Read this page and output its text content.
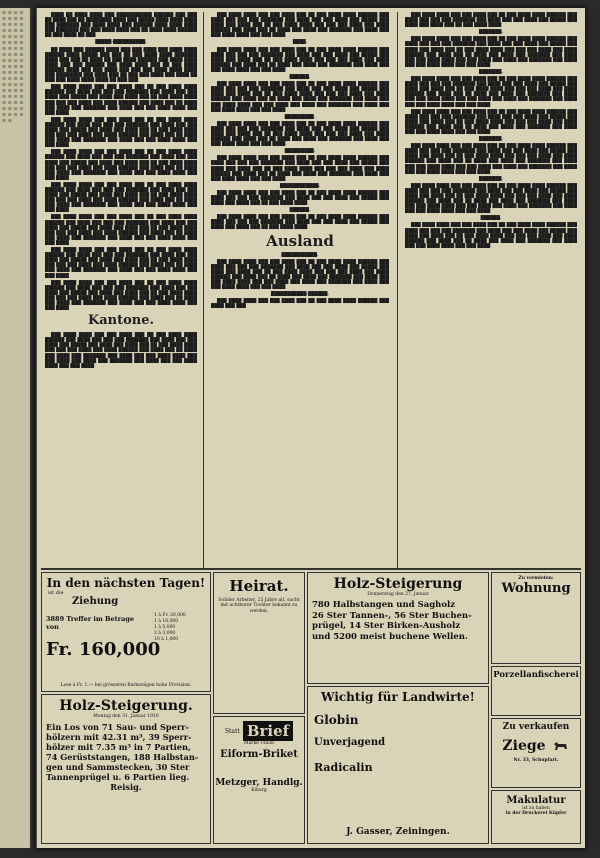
≡ ≡ ≡ ≡ ≡ ≡ ≡ ≡ ≡ ≡ ≡ ≡ ≡ ≡ ≡ ≡ ≡ ≡ ≡ ≡ ≡ ≡ ≡ ≡ ≡ ≡ ≡ ≡ ≡ ≡ ≡ ≡ ≡ ≡ ≡ ≡ ≡ ≡ ≡ ≡ ≡ ≡ ≡ ≡ ≡ ≡ ≡ ≡ ≡ ≡ ≡ ≡ ≡ ≡ ≡ ≡ ≡ ≡ ≡ ≡ ≡ ≡ ≡ ≡ ≡ ≡ ≡ ≡ ≡ ≡ ≡ ≡ ≡ ≡

████ ██ ████ ████ ███ ███████████ ██████ ███ ███ ██ ████ ███ ██ ████████ ████ ███ █████ ████ ████ ████ ███ ███████ ███ ████ ████ ███ ██████ ████ ████ ████ ███ ███████ ███ ███ ████ ████ ███ ██ ████ ████ ██████ ██ ███ ████ ██ ███

█████-██████████.

██ ████ ███ ██████ ████ ███ ███ ████ ███ ████ ████ ██████ ████ █████ ███ ███ ██ ███ ████ ████ ███████ ████ ███ ███ ██ ████ ██ ███ ████ ██████ ███ ████ ████ ████ ███ ███ ██████ ███ ████ ████ ███ ██ ███ ████ ██████ ████ ███ ███ ████ ███ ███ ███ ████ ████ ████ ███ ████████ ███ ████ ███ ██ ███ ███ ████ ███ ████ ██ ███ ███ ████ ████ ████ ██ ███ ███

███ ████ ████ ███ ███ ████ ███ ██ ███ ████ ████ ██████ ███ ████ ███ ███ ███ ███████ ███ ████ ███ ███ ████ ███ █████ ███ ████ ███ ████ ███ ██ ███ ████ ████ ███ ███ ███ ████ ███ ████ ██████ ███ ████ ███ ██ ████ ███ ████ ███ ███████ ███ ████ ███ ███ ████ ████ ███ ███ ████

███ ████ ████ ███ ███ ████ ███ ██ ███ ████ ████ ██████ ███ ████ ███ ███ ███ ███████ ███ ████ ███ ███ ████ ███ █████ ███ ████ ███ ████ ███ ██ ███ ████ ████ ███ ███ ███ ████ ███ ████ ██████ ███ ████ ███ ██ ████ ███ ████ ███ ███████ ███ ████ ███ ███ ████ ████ ███ ███ ████

███ ████ ████ ███ ███ ████ ███ ██ ███ ████ ████ ██████ ███ ████ ███ ███ ███ ███████ ███ ████ ███ ███ ████ ███ █████ ███ ████ ███ ████ ███ ██ ███ ████ ████ ███ ███ ███ ████ ███ ████ ██████ ███ ████ ███ ██ ████ ███ ████ ███ ███████ ███ ████ ███ ███ ████ ████ ███ ███ ████

███ ████ ████ ███ ███ ████ ███ ██ ███ ████ ████ ██████ ███ ████ ███ ███ ███ ███████ ███ ████ ███ ███ ████ ███ █████ ███ ████ ███ ████ ███ ██ ███ ████ ████ ███ ███ ███ ████ ███ ████ ██████ ███ ████ ███ ██ ████ ███ ████ ███ ███████ ███ ████ ███ ███ ████ ████ ███ ███ ████

███ ████ ████ ███ ███ ████ ███ ██ ███ ████ ████ ██████ ███ ████ ███ ███ ███ ███████ ███ ████ ███ ███ ████ ███ █████ ███ ████ ███ ████ ███ ██ ███ ████ ████ ███ ███ ███ ████ ███ ████ ██████ ███ ████ ███ ██ ████ ███ ████ ███ ███████ ███ ████ ███ ███ ████ ████ ███ ███ ████

███ ████ ████ ███ ███ ████ ███ ██ ███ ████ ████ ██████ ███ ████ ███ ███ ███ ███████ ███ ████ ███ ███ ████ ███ █████ ███ ████ ███ ████ ███ ██ ███ ████ ████ ███ ███ ███ ████ ███ ████ ██████ ███ ████ ███ ██ ████ ███ ████ ███ ███████ ███ ████ ███ ███ ████ ████ ███ ███ ████

███ ████ ████ ███ ███ ████ ███ ██ ███ ████ ████ ██████ ███ ████ ███ ███ ███ ███████ ███ ████ ███ ███ ████ ███ █████ ███ ████ ███ ████ ███ ██ ███ ████ ████ ███ ███ ███ ████ ███ ████ ██████ ███ ████ ███ ██ ████ ███ ████ ███ ███████ ███ ████ ███ ███ ████ ████ ███ ███ ████

Kantone.

███ ████ ████ ███ ███ ████ ███ ██ ███ ████ ████ ██████ ███ ████ ███ ███ ███ ███████ ███ ████ ███ ███ ████ ███ █████ ███ ████ ███ ████ ███ ██ ███ ████ ████ ███ ███ ███ ████ ███ ████ ██████ ███ ████ ███ ██ ████ ███ ████ ███ ███████ ███ ████ ███ ███ ████ ████ ███ ███ ████ ███ ████ ███ ███████ ███ ████ ███ ███ ████ ████ ███ ███ ████

███ ████ ████ ███ ███ ████ ███ ██ ███ ████ ████ ██████ ███ ████ ███ ███ ███ ███████ ███ ████ ███ ███ ████ ███ █████ ███ ████ ███ ████ ███ ██ ███ ████ ████ ███ ███ ███ ████ ███ ████ ██████ ███ ████ ███ ██ ████ ███ ████ ███ ███████ ███ ████ ███ ███ ████ ████ ███ ███ ████

████.

███ ████ ████ ███ ███ ████ ███ ██ ███ ████ ████ ██████ ███ ████ ███ ███ ███ ███████ ███ ████ ███ ███ ████ ███ █████ ███ ████ ███ ████ ███ ██ ███ ████ ████ ███ ███ ███ ████ ███ ████ ██████ ███ ████ ███ ██ ████ ███ ████ ███ ███████ ███ ████ ███ ███ ████ ████ ███ ███ ████

██████.

███ ████ ████ ███ ███ ████ ███ ██ ███ ████ ████ ██████ ███ ████ ███ ███ ███ ███████ ███ ████ ███ ███ ████ ███ █████ ███ ████ ███ ████ ███ ██ ███ ████ ████ ███ ███ ███ ████ ███ ████ ██████ ███ ████ ███ ██ ████ ███ ████ ███ ███████ ███ ████ ███ ███ ████ ████ ███ ███ ████ ███ ████ ███ ███████ ███ ████ ███ ███ ████ ████ ███ ███ ████

█████████.

███ ████ ████ ███ ███ ████ ███ ██ ███ ████ ████ ██████ ███ ████ ███ ███ ███ ███████ ███ ████ ███ ███ ████ ███ █████ ███ ████ ███ ████ ███ ██ ███ ████ ████ ███ ███ ███ ████ ███ ████ ██████ ███ ████ ███ ██ ████ ███ ████ ███ ███████ ███ ████ ███ ███ ████ ████ ███ ███ ████

█████████.

███ ████ ████ ███ ███ ████ ███ ██ ███ ████ ████ ██████ ███ ████ ███ ███ ███ ███████ ███ ████ ███ ███ ████ ███ █████ ███ ████ ███ ████ ███ ██ ███ ████ ████ ███ ███ ███ ████ ███ ████ ██████ ███ ████ ███ ██ ████ ███ ████ ███ ███████ ███ ████ ███ ███ ████ ████ ███ ███ ████

████████████.

███ ████ ████ ███ ███ ████ ███ ██ ███ ████ ████ ██████ ███ ████ ███ ███ ███ ███████ ███ ████ ███ ███ ████ ███ █████ ███ ████ ███ ████ ███ ██ ███ ████ ████

██████.

███ ████ ████ ███ ███ ████ ███ ██ ███ ████ ████ ██████ ███ ████ ███ ███ ███ ███████ ███ ████ ███ ███ ████ ███ █████ ███ ████ ███ ████ ███ ██ ███ ████ ████

Ausland

███████████.

███ ████ ████ ███ ███ ████ ███ ██ ███ ████ ████ ██████ ███ ████ ███ ███ ███ ███████ ███ ████ ███ ███ ████ ███ █████ ███ ████ ███ ████ ███ ██ ███ ████ ████ ███ ███ ███ ████ ███ ████ ██████ ███ ████ ███ ██ ████ ███ ████ ███ ███████ ███ ████ ███ ███ ████ ████ ███ ███ ████ ███ ████ ███ ███████ ███ ████ ███ ███ ████ ████ ███ ███ ████

███████████-██████.

███ ████ ████ ███ ███ ████ ███ ██ ███ ████ ████ ██████ ███ ████ ███ ███

███ ████ ████ ███ ███ ████ ███ ██ ███ ████ ████ ██████ ███ ████ ███ ███ ███ ███████ ███ ████ ███ ███ ████ ███ █████ ███ ████ ███ ████ ███ ██ ███ ████ ████

███████.

███ ████ ████ ███ ███ ████ ███ ██ ███ ████ ████ ██████ ███ ████ ███ ███ ███ ███████ ███ ████ ███ ███ ████ ███ █████ ███ ████ ███ ████ ███ ██ ███ ████ ████ ███ ███ ███ ████ ███ ████ ██████ ███ ████ ███ ██ ████ ███ ████ ███ ███████ ███ ████ ███ ███ ████ ████ ███ ███ ████ ███ ████ ███ ███████ ███ ████ ███ ███ ████ ████ ███ ███ ████

███████.

███ ████ ████ ███ ███ ████ ███ ██ ███ ████ ████ ██████ ███ ████ ███ ███ ███ ███████ ███ ████ ███ ███ ████ ███ █████ ███ ████ ███ ████ ███ ██ ███ ████ ████ ███ ███ ███ ████ ███ ████ ██████ ███ ████ ███ ██ ████ ███ ████ ███ ███████ ███ ████ ███ ███ ████ ████ ███ ███ ████ ███ ████ ███ ███████ ███ ████ ███ ███ ████ ████ ███ ███ ████

███ ████ ████ ███ ███ ████ ███ ██ ███ ████ ████ ██████ ███ ████ ███ ███ ███ ███████ ███ ████ ███ ███ ████ ███ █████ ███ ████ ███ ████ ███ ██ ███ ████ ████ ███ ███ ███ ████ ███ ████ ██████ ███ ████ ███ ██ ████ ███ ████ ███ ███████ ███ ████ ███ ███ ████ ████ ███ ███ ████

███████.

███ ████ ████ ███ ███ ████ ███ ██ ███ ████ ████ ██████ ███ ████ ███ ███ ███ ███████ ███ ████ ███ ███ ████ ███ █████ ███ ████ ███ ████ ███ ██ ███ ████ ████ ███ ███ ███ ████ ███ ████ ██████ ███ ████ ███ ██ ████ ███ ████ ███ ███████ ███ ████ ███ ███ ████ ████ ███ ███ ████ ███ ████ ███ ███████ ███ ████ ███ ███ ████ ████ ███ ███ ████

███████.

███ ████ ████ ███ ███ ████ ███ ██ ███ ████ ████ ██████ ███ ████ ███ ███ ███ ███████ ███ ████ ███ ███ ████ ███ █████ ███ ████ ███ ████ ███ ██ ███ ████ ████ ███ ███ ███ ████ ███ ████ ██████ ███ ████ ███ ██ ████ ███ ████ ███ ███████ ███ ████ ███ ███ ████ ████ ███ ███ ████ ███ ████ ███ ███████ ███ ████ ███ ███ ████ ████ ███ ███ ████

██████.

███ ████ ████ ███ ███ ████ ███ ██ ███ ████ ████ ██████ ███ ████ ███ ███ ███ ███████ ███ ████ ███ ███ ████ ███ █████ ███ ████ ███ ████ ███ ██ ███ ████ ████ ███ ███ ███ ████ ███ ████ ██████ ███ ████ ███ ██ ████ ███ ████ ███ ███████ ███ ████ ███ ███ ████ ████ ███ ███ ████

In den nächsten Tagen!
ist die
Ziehung
3889 Treffer im Betrage von
Fr. 160,000
1 à Fr. 20,000
1 à 10,000
1 à 5,000
2 à 3,000
10 à 1,000
Lose à Fr. 1.— bei grösseren Barbezügen hohe Provision.
Holz-Steigerung.
Montag den 31. Januar 1916
Ein Los von 71 Sau- und Sperr-
hölzern mit 42.31 m³, 39 Sperr-
hölzer mit 7.35 m³ in 7 Partien,
74 Gerüststangen, 188 Halbstan-
gen und Sammstecken, 30 Ster
Tannenprügel u. 6 Partien lieg.
Reisig.
Heirat.
Solider Arbeiter, 25 Jahre alt, sucht mit achtbarer Tochter bekannt zu werden.
Statt Brief
Marke Union
Eiform-Briket
Metzger, Handlg.
Kiburg
Holz-Steigerung
Donnerstag den 27. Januar
780 Halbstangen und Sagholz
26 Ster Tannen-, 56 Ster Buchen-
prügel, 14 Ster Birken-Ausholz
und 5200 meist buchene Wellen.
Wichtig für Landwirte!
Globin
Unverjagend
Radicalin
J. Gasser, Zeiningen.
Zu vermieten:
Wohnung
Porzellanfischerei
Zu verkaufen
Ziege
Nr. 33, Schupfart.
Makulatur
ist zu haben
in der Druckerei Küpfer
